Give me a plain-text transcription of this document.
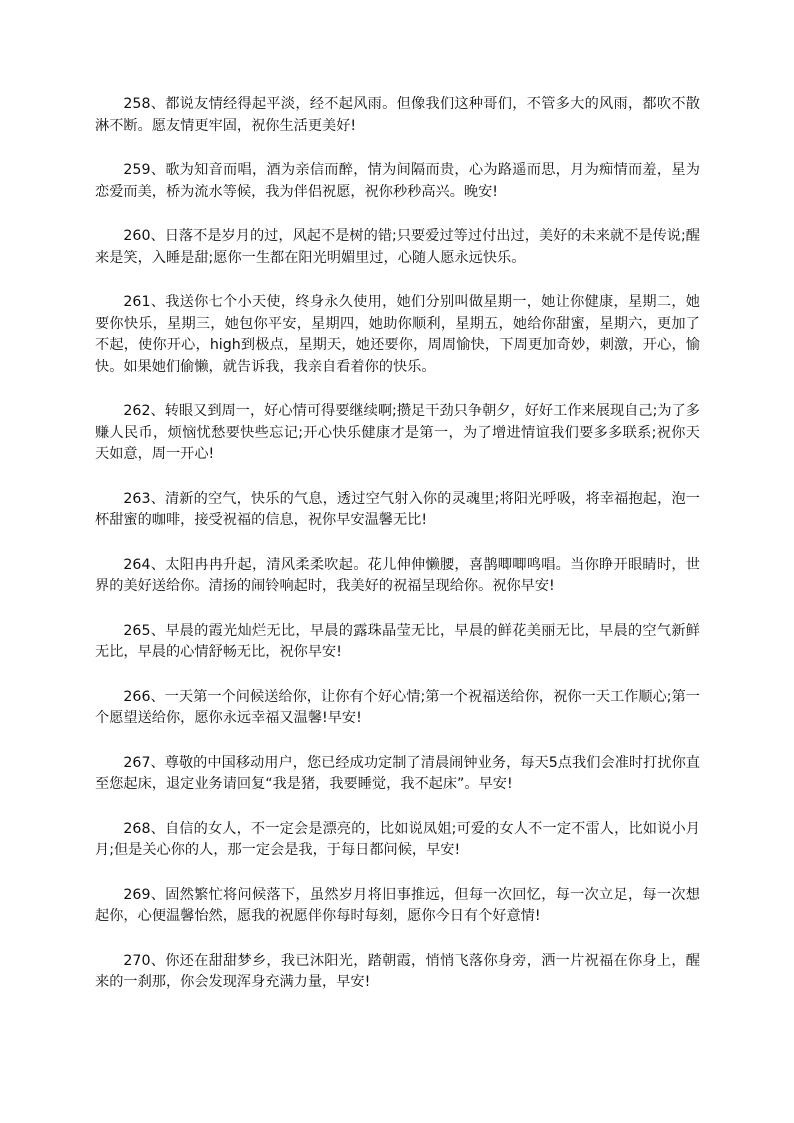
258、都说友情经得起平淡，经不起风雨。但像我们这种哥们，不管多大的风雨，都吹不散淋不断。愿友情更牢固，祝你生活更美好!

259、歌为知音而唱，酒为亲信而醉，情为间隔而贵，心为路遥而思，月为痴情而羞，星为恋爱而美，桥为流水等候，我为伴侣祝愿，祝你秒秒高兴。晚安!

260、日落不是岁月的过，风起不是树的错;只要爱过等过付出过，美好的未来就不是传说;醒来是笑，入睡是甜;愿你一生都在阳光明媚里过，心随人愿永远快乐。

261、我送你七个小天使，终身永久使用，她们分别叫做星期一，她让你健康，星期二，她要你快乐，星期三，她包你平安，星期四，她助你顺利，星期五，她给你甜蜜，星期六，更加了不起，使你开心，high到极点，星期天，她还要你，周周愉快，下周更加奇妙，刺激，开心，愉快。如果她们偷懒，就告诉我，我亲自看着你的快乐。

262、转眼又到周一，好心情可得要继续啊;攒足干劲只争朝夕，好好工作来展现自己;为了多赚人民币，烦恼忧愁要快些忘记;开心快乐健康才是第一，为了增进情谊我们要多多联系;祝你天天如意，周一开心!

263、清新的空气，快乐的气息，透过空气射入你的灵魂里;将阳光呼吸，将幸福抱起，泡一杯甜蜜的咖啡，接受祝福的信息，祝你早安温馨无比!

264、太阳冉冉升起，清风柔柔吹起。花儿伸伸懒腰，喜鹊唧唧鸣唱。当你睁开眼睛时，世界的美好送给你。清扬的闹铃响起时，我美好的祝福呈现给你。祝你早安!

265、早晨的霞光灿烂无比，早晨的露珠晶莹无比，早晨的鲜花美丽无比，早晨的空气新鲜无比，早晨的心情舒畅无比，祝你早安!

266、一天第一个问候送给你，让你有个好心情;第一个祝福送给你，祝你一天工作顺心;第一个愿望送给你，愿你永远幸福又温馨!早安!

267、尊敬的中国移动用户，您已经成功定制了清晨闹钟业务，每天5点我们会准时打扰你直至您起床，退定业务请回复“我是猪，我要睡觉，我不起床”。早安!

268、自信的女人，不一定会是漂亮的，比如说凤姐;可爱的女人不一定不雷人，比如说小月月;但是关心你的人，那一定会是我，于每日都问候，早安!

269、固然繁忙将问候落下，虽然岁月将旧事推远，但每一次回忆，每一次立足，每一次想起你，心便温馨怡然，愿我的祝愿伴你每时每刻，愿你今日有个好意情!

270、你还在甜甜梦乡，我已沐阳光，踏朝霞，悄悄飞落你身旁，洒一片祝福在你身上，醒来的一刹那，你会发现浑身充满力量，早安!
